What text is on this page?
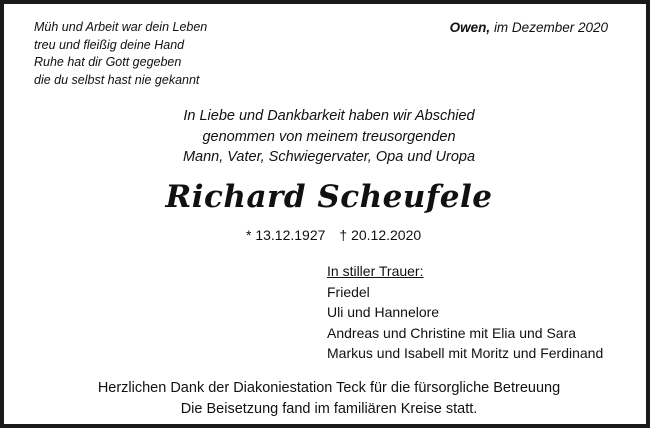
Müh und Arbeit war dein Leben
treu und fleißig deine Hand
Ruhe hat dir Gott gegeben
die du selbst hast nie gekannt
Owen, im Dezember 2020
In Liebe und Dankbarkeit haben wir Abschied
genommen von meinem treusorgenden
Mann, Vater, Schwiegervater, Opa und Uropa
Richard Scheufele
* 13.12.1927 † 20.12.2020
In stiller Trauer:
Friedel
Uli und Hannelore
Andreas und Christine mit Elia und Sara
Markus und Isabell mit Moritz und Ferdinand
Herzlichen Dank der Diakoniestation Teck für die fürsorgliche Betreuung
Die Beisetzung fand im familiären Kreise statt.
